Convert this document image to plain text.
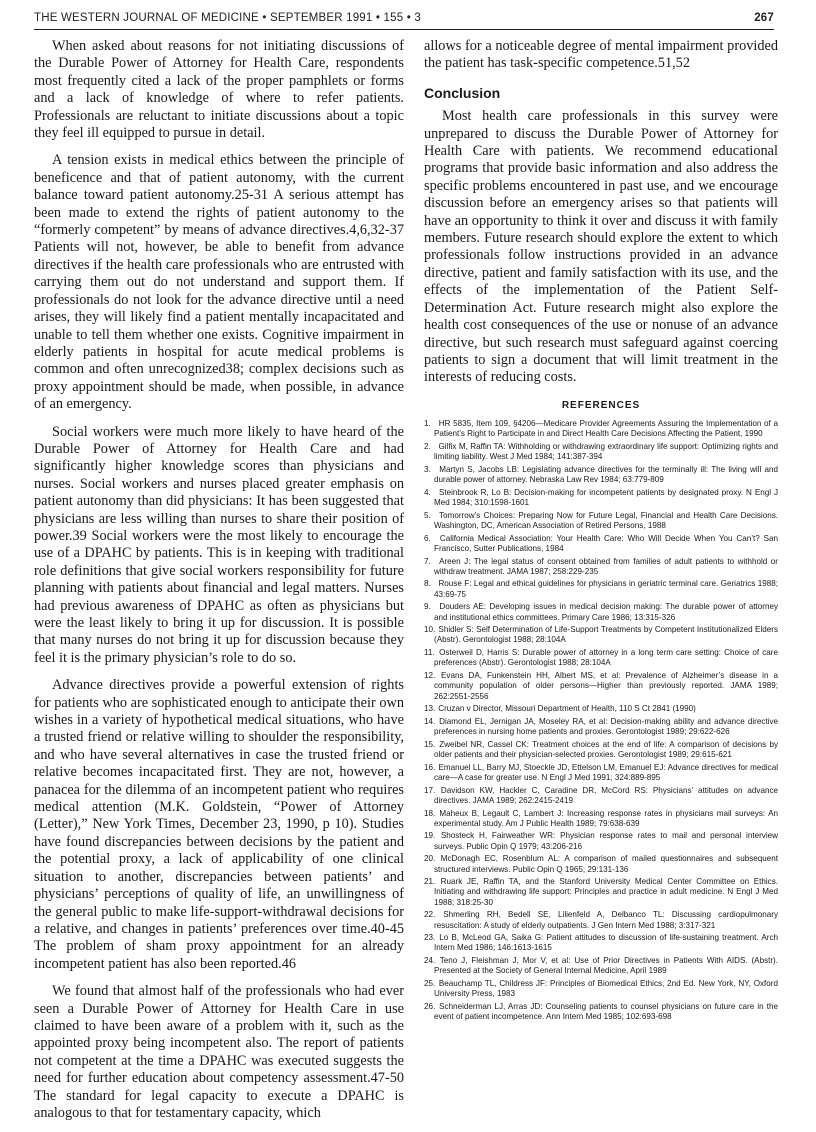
THE WESTERN JOURNAL OF MEDICINE • SEPTEMBER 1991 • 155 • 3	267

When asked about reasons for not initiating discussions of the Durable Power of Attorney for Health Care, respondents most frequently cited a lack of the proper pamphlets or forms and a lack of knowledge of where to refer patients. Professionals are reluctant to initiate discussions about a topic they feel ill equipped to pursue in detail.

A tension exists in medical ethics between the principle of beneficence and that of patient autonomy, with the current balance toward patient autonomy.25-31 A serious attempt has been made to extend the rights of patient autonomy to the “formerly competent” by means of advance directives.4,6,32-37 Patients will not, however, be able to benefit from advance directives if the health care professionals who are entrusted with carrying them out do not understand and support them. If professionals do not look for the advance directive until a need arises, they will likely find a patient mentally incapacitated and unable to tell them whether one exists. Cognitive impairment in elderly patients in hospital for acute medical problems is common and often unrecognized38; complex decisions such as proxy appointment should be made, when possible, in advance of an emergency.

Social workers were much more likely to have heard of the Durable Power of Attorney for Health Care and had significantly higher knowledge scores than physicians and nurses. Social workers and nurses placed greater emphasis on patient autonomy than did physicians: It has been suggested that physicians are less willing than nurses to share their position of power.39 Social workers were the most likely to encourage the use of a DPAHC by patients. This is in keeping with traditional role definitions that give social workers responsibility for future planning with patients about financial and legal matters. Nurses had previous awareness of DPAHC as often as physicians but were the least likely to bring it up for discussion. It is possible that many nurses do not bring it up for discussion because they feel it is the primary physician’s role to do so.

Advance directives provide a powerful extension of rights for patients who are sophisticated enough to anticipate their own wishes in a variety of hypothetical medical situations, who have a trusted friend or relative willing to shoulder the responsibility, and who have several alternatives in case the trusted friend or relative becomes incapacitated first. They are not, however, a panacea for the dilemma of an incompetent patient who requires medical attention (M.K. Goldstein, “Power of Attorney (Letter),” New York Times, December 23, 1990, p 10). Studies have found discrepancies between decisions by the patient and the potential proxy, a lack of applicability of one clinical situation to another, discrepancies between patients’ and physicians’ perceptions of quality of life, an unwillingness of the general public to make life-support-withdrawal decisions for a relative, and changes in patients’ preferences over time.40-45 The problem of sham proxy appointment for an already incompetent patient has also been reported.46

We found that almost half of the professionals who had ever seen a Durable Power of Attorney for Health Care in use claimed to have been aware of a problem with it, such as the appointed proxy being incompetent also. The report of patients not competent at the time a DPAHC was executed suggests the need for further education about competency assessment.47-50 The standard for legal capacity to execute a DPAHC is analogous to that for testamentary capacity, which

allows for a noticeable degree of mental impairment provided the patient has task-specific competence.51,52

Conclusion

Most health care professionals in this survey were unprepared to discuss the Durable Power of Attorney for Health Care with patients. We recommend educational programs that provide basic information and also address the specific problems encountered in past use, and we encourage discussion before an emergency arises so that patients will have an opportunity to think it over and discuss it with family members. Future research should explore the extent to which professionals follow instructions provided in an advance directive, patient and family satisfaction with its use, and the effects of the implementation of the Patient Self-Determination Act. Future research might also explore the health cost consequences of the use or nonuse of an advance directive, but such research must safeguard against coercing patients to sign a document that will limit treatment in the interests of reducing costs.

REFERENCES
1. HR 5835, Item 109, §4206—Medicare Provider Agreements Assuring the Implementation of a Patient’s Right to Participate in and Direct Health Care Decisions Affecting the Patient, 1990
2. Gilfix M, Raffin TA: Withholding or withdrawing extraordinary life support: Optimizing rights and limiting liability. West J Med 1984; 141:387-394
3. Martyn S, Jacobs LB: Legislating advance directives for the terminally ill: The living will and durable power of attorney. Nebraska Law Rev 1984; 63:779-809
4. Steinbrook R, Lo B: Decision-making for incompetent patients by designated proxy. N Engl J Med 1984; 310:1598-1601
5. Tomorrow’s Choices: Preparing Now for Future Legal, Financial and Health Care Decisions. Washington, DC, American Association of Retired Persons, 1988
6. California Medical Association: Your Health Care: Who Will Decide When You Can’t? San Francisco, Sutter Publications, 1984
7. Areen J: The legal status of consent obtained from families of adult patients to withhold or withdraw treatment. JAMA 1987; 258:229-235
8. Rouse F: Legal and ethical guidelines for physicians in geriatric terminal care. Geriatrics 1988; 43:69-75
9. Douders AE: Developing issues in medical decision making: The durable power of attorney and institutional ethics committees. Primary Care 1986; 13:315-326
10. Shidler S: Self Determination of Life-Support Treatments by Competent Institutionalized Elders (Abstr). Gerontologist 1988; 28:104A
11. Osterweil D, Harris S: Durable power of attorney in a long term care setting: Choice of care preferences (Abstr). Gerontologist 1988; 28:104A
12. Evans DA, Funkenstein HH, Albert MS, et al: Prevalence of Alzheimer’s disease in a community population of older persons—Higher than previously reported. JAMA 1989; 262:2551-2556
13. Cruzan v Director, Missouri Department of Health, 110 S Ct 2841 (1990)
14. Diamond EL, Jernigan JA, Moseley RA, et al: Decision-making ability and advance directive preferences in nursing home patients and proxies. Gerontologist 1989; 29:622-626
15. Zweibel NR, Cassel CK: Treatment choices at the end of life: A comparison of decisions by older patients and their physician-selected proxies. Gerontologist 1989; 29:615-621
16. Emanuel LL, Barry MJ, Stoeckle JD, Ettelson LM, Emanuel EJ: Advance directives for medical care—A case for greater use. N Engl J Med 1991; 324:889-895
17. Davidson KW, Hackler C, Caradine DR, McCord RS: Physicians’ attitudes on advance directives. JAMA 1989; 262:2415-2419
18. Maheux B, Legault C, Lambert J: Increasing response rates in physicians mail surveys: An experimental study. Am J Public Health 1989; 79:638-639
19. Shosteck H, Fairweather WR: Physician response rates to mail and personal interview surveys. Public Opin Q 1979; 43:206-216
20. McDonagh EC, Rosenblum AL: A comparison of mailed questionnaires and subsequent structured interviews. Public Opin Q 1965; 29:131-136
21. Ruark JE, Raffin TA, and the Stanford University Medical Center Committee on Ethics. Initiating and withdrawing life support: Principles and practice in adult medicine. N Engl J Med 1988; 318:25-30
22. Shmerling RH, Bedell SE, Lilienfeld A, Delbanco TL: Discussing cardiopulmonary resuscitation: A study of elderly outpatients. J Gen Intern Med 1988; 3:317-321
23. Lo B, McLeod GA, Saika G: Patient attitudes to discussion of life-sustaining treatment. Arch Intern Med 1986; 146:1613-1615
24. Teno J, Fleishman J, Mor V, et al: Use of Prior Directives in Patients With AIDS. (Abstr). Presented at the Society of General Internal Medicine, April 1989
25. Beauchamp TL, Childress JF: Principles of Biomedical Ethics, 2nd Ed. New York, NY, Oxford University Press, 1983
26. Schneiderman LJ, Arras JD: Counseling patients to counsel physicians on future care in the event of patient incompetence. Ann Intern Med 1985; 102:693-698
